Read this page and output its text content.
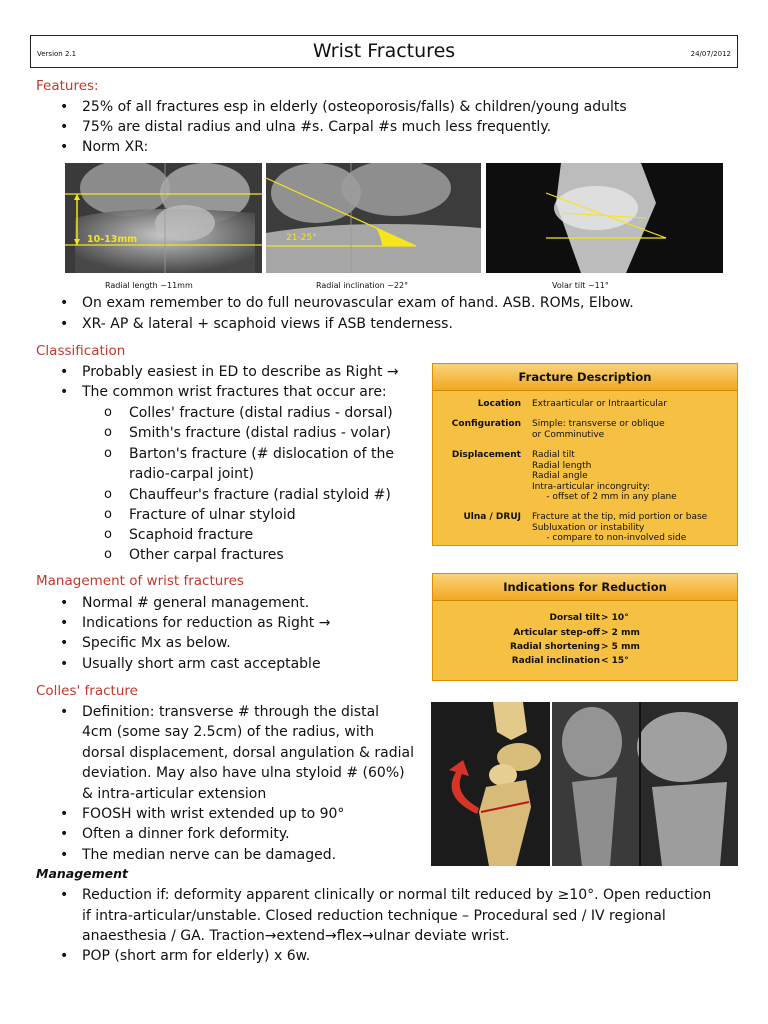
Version 2.1	Wrist Fractures	24/07/2012
Features:
• 25% of all fractures esp in elderly (osteoporosis/falls) & children/young adults
• 75% are distal radius and ulna #s. Carpal #s much less frequently.
• Norm XR:
10-13mm	21-25°
Radial length ~11mm	Radial inclination ~22°	Volar tilt ~11°
• On exam remember to do full neurovascular exam of hand. ASB. ROMs, Elbow.
• XR- AP & lateral + scaphoid views if ASB tenderness.
Classification
• Probably easiest in ED to describe as Right →
• The common wrist fractures that occur are:
o Colles' fracture (distal radius - dorsal)
o Smith's fracture (distal radius - volar)
o Barton's fracture (# dislocation of the
radio-carpal joint)
o Chauffeur's fracture (radial styloid #)
o Fracture of ulnar styloid
o Scaphoid fracture
o Other carpal fractures
Fracture Description
Location Extraarticular or Intraarticular
Configuration Simple: transverse or oblique
or Comminutive
Displacement Radial tilt
Radial length
Radial angle
Intra-articular incongruity:
- offset of 2 mm in any plane
Ulna / DRUJ Fracture at the tip, mid portion or base
Subluxation or instability
- compare to non-involved side
Management of wrist fractures
• Normal # general management.
• Indications for reduction as Right →
• Specific Mx as below.
• Usually short arm cast acceptable
Indications for Reduction
Dorsal tilt > 10°
Articular step-off > 2 mm
Radial shortening > 5 mm
Radial inclination < 15°
Colles' fracture
• Definition: transverse # through the distal
4cm (some say 2.5cm) of the radius, with
dorsal displacement, dorsal angulation & radial
deviation. May also have ulna styloid # (60%)
& intra-articular extension
• FOOSH with wrist extended up to 90°
• Often a dinner fork deformity.
• The median nerve can be damaged.
Management
• Reduction if: deformity apparent clinically or normal tilt reduced by ≥10°. Open reduction
if intra-articular/unstable. Closed reduction technique – Procedural sed / IV regional
anaesthesia / GA. Traction→extend→flex→ulnar deviate wrist.
• POP (short arm for elderly) x 6w.
